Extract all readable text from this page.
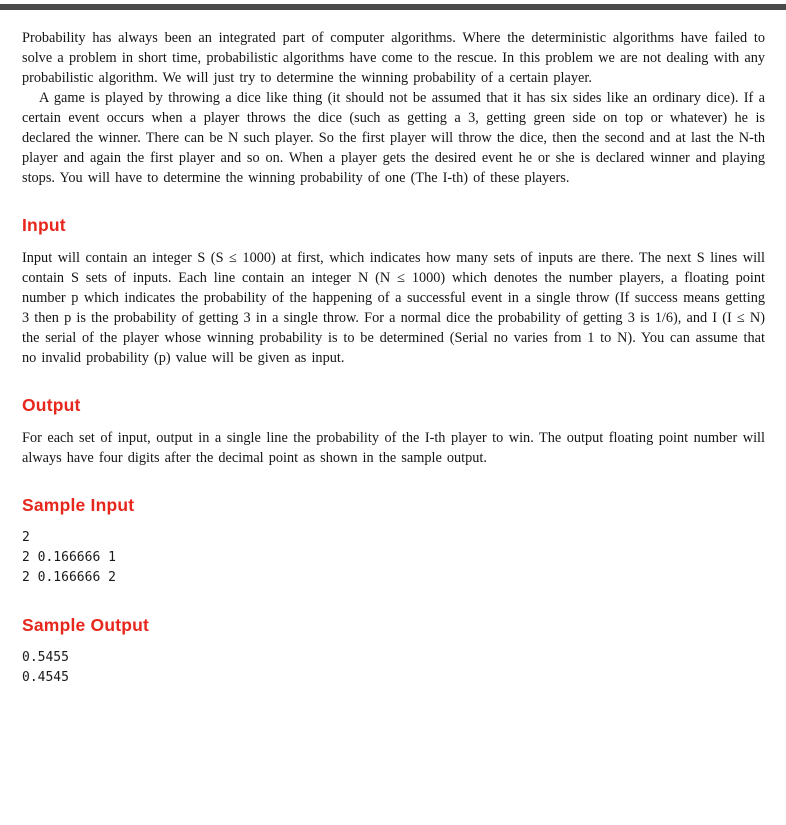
Probability has always been an integrated part of computer algorithms. Where the deterministic algorithms have failed to solve a problem in short time, probabilistic algorithms have come to the rescue. In this problem we are not dealing with any probabilistic algorithm. We will just try to determine the winning probability of a certain player.

A game is played by throwing a dice like thing (it should not be assumed that it has six sides like an ordinary dice). If a certain event occurs when a player throws the dice (such as getting a 3, getting green side on top or whatever) he is declared the winner. There can be N such player. So the first player will throw the dice, then the second and at last the N-th player and again the first player and so on. When a player gets the desired event he or she is declared winner and playing stops. You will have to determine the winning probability of one (The I-th) of these players.

Input

Input will contain an integer S (S ≤ 1000) at first, which indicates how many sets of inputs are there. The next S lines will contain S sets of inputs. Each line contain an integer N (N ≤ 1000) which denotes the number players, a floating point number p which indicates the probability of the happening of a successful event in a single throw (If success means getting 3 then p is the probability of getting 3 in a single throw. For a normal dice the probability of getting 3 is 1/6), and I (I ≤ N) the serial of the player whose winning probability is to be determined (Serial no varies from 1 to N). You can assume that no invalid probability (p) value will be given as input.

Output

For each set of input, output in a single line the probability of the I-th player to win. The output floating point number will always have four digits after the decimal point as shown in the sample output.

Sample Input
2
2 0.166666 1
2 0.166666 2
Sample Output
0.5455
0.4545
